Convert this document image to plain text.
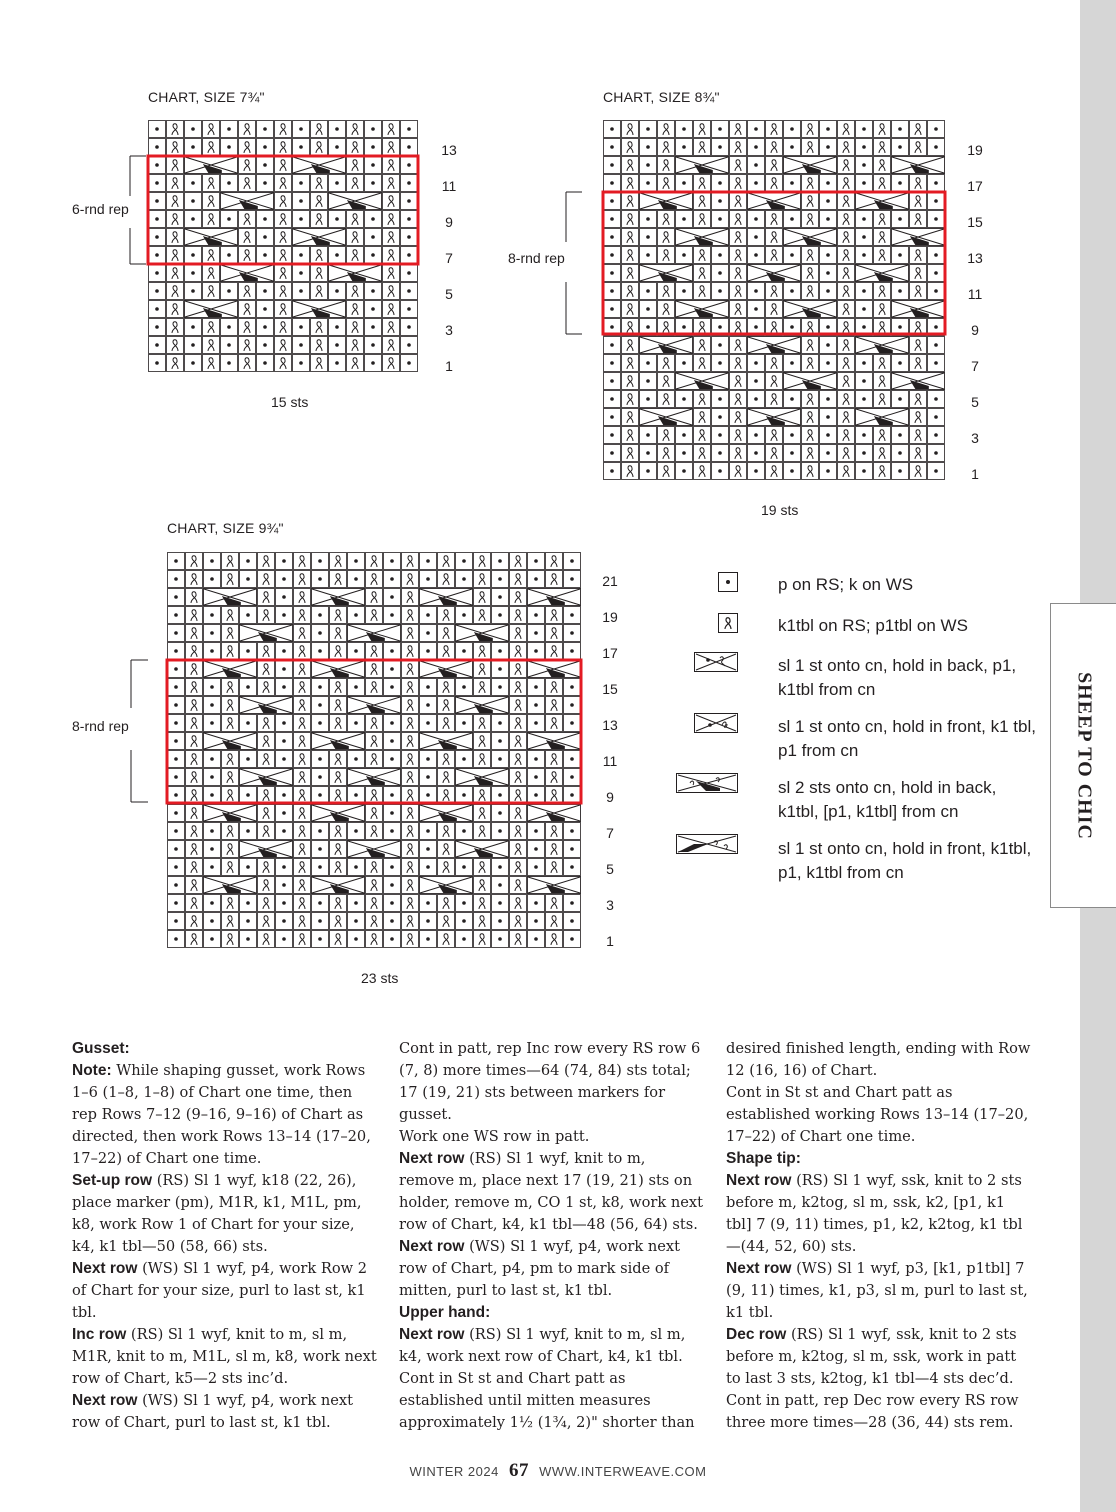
SHEEP TO CHIC
CHART, SIZE 7¾"
6-rnd rep
15 sts
13
11
9
7
5
3
1
CHART, SIZE 8¾"
8-rnd rep
19 sts
19
17
15
13
11
9
7
5
3
1
CHART, SIZE 9¾"
8-rnd rep
23 sts
21
19
17
15
13
11
9
7
5
3
1
p on RS; k on WS
k1tbl on RS; p1tbl on WS
sl 1 st onto cn, hold in back, p1, k1tbl from cn
sl 1 st onto cn, hold in front, k1 tbl, p1 from cn
sl 2 sts onto cn, hold in back, k1tbl, [p1, k1tbl] from cn
sl 1 st onto cn, hold in front, k1tbl, p1, k1tbl from cn

Gusset:

Note: While shaping gusset, work Rows 1–6 (1–8, 1–8) of Chart one time, then rep Rows 7–12 (9–16, 9–16) of Chart as directed, then work Rows 13–14 (17–20, 17–22) of Chart one time.

Set-up row (RS) Sl 1 wyf, k18 (22, 26), place marker (pm), M1R, k1, M1L, pm, k8, work Row 1 of Chart for your size, k4, k1 tbl—50 (58, 66) sts.

Next row (WS) Sl 1 wyf, p4, work Row 2 of Chart for your size, purl to last st, k1 tbl.

Inc row (RS) Sl 1 wyf, knit to m, sl m, M1R, knit to m, M1L, sl m, k8, work next row of Chart, k5—2 sts inc’d.

Next row (WS) Sl 1 wyf, p4, work next row of Chart, purl to last st, k1 tbl.

Cont in patt, rep Inc row every RS row 6 (7, 8) more times—64 (74, 84) sts total; 17 (19, 21) sts between markers for gusset.

Work one WS row in patt.

Next row (RS) Sl 1 wyf, knit to m, remove m, place next 17 (19, 21) sts on holder, remove m, CO 1 st, k8, work next row of Chart, k4, k1 tbl—48 (56, 64) sts.

Next row (WS) Sl 1 wyf, p4, work next row of Chart, p4, pm to mark side of mitten, purl to last st, k1 tbl.

Upper hand:

Next row (RS) Sl 1 wyf, knit to m, sl m, k4, work next row of Chart, k4, k1 tbl.

Cont in St st and Chart patt as established until mitten measures approximately 1½ (1¾, 2)" shorter than

desired finished length, ending with Row 12 (16, 16) of Chart.

Cont in St st and Chart patt as established working Rows 13–14 (17–20, 17–22) of Chart one time.

Shape tip:

Next row (RS) Sl 1 wyf, ssk, knit to 2 sts before m, k2tog, sl m, ssk, k2, [p1, k1 tbl] 7 (9, 11) times, p1, k2, k2tog, k1 tbl—(44, 52, 60) sts.

Next row (WS) Sl 1 wyf, p3, [k1, p1tbl] 7 (9, 11) times, k1, p3, sl m, purl to last st, k1 tbl.

Dec row (RS) Sl 1 wyf, ssk, knit to 2 sts before m, k2tog, sl m, ssk, work in patt to last 3 sts, k2tog, k1 tbl—4 sts dec’d.

Cont in patt, rep Dec row every RS row three more times—28 (36, 44) sts rem.

WINTER 2024 67 WWW.INTERWEAVE.COM
